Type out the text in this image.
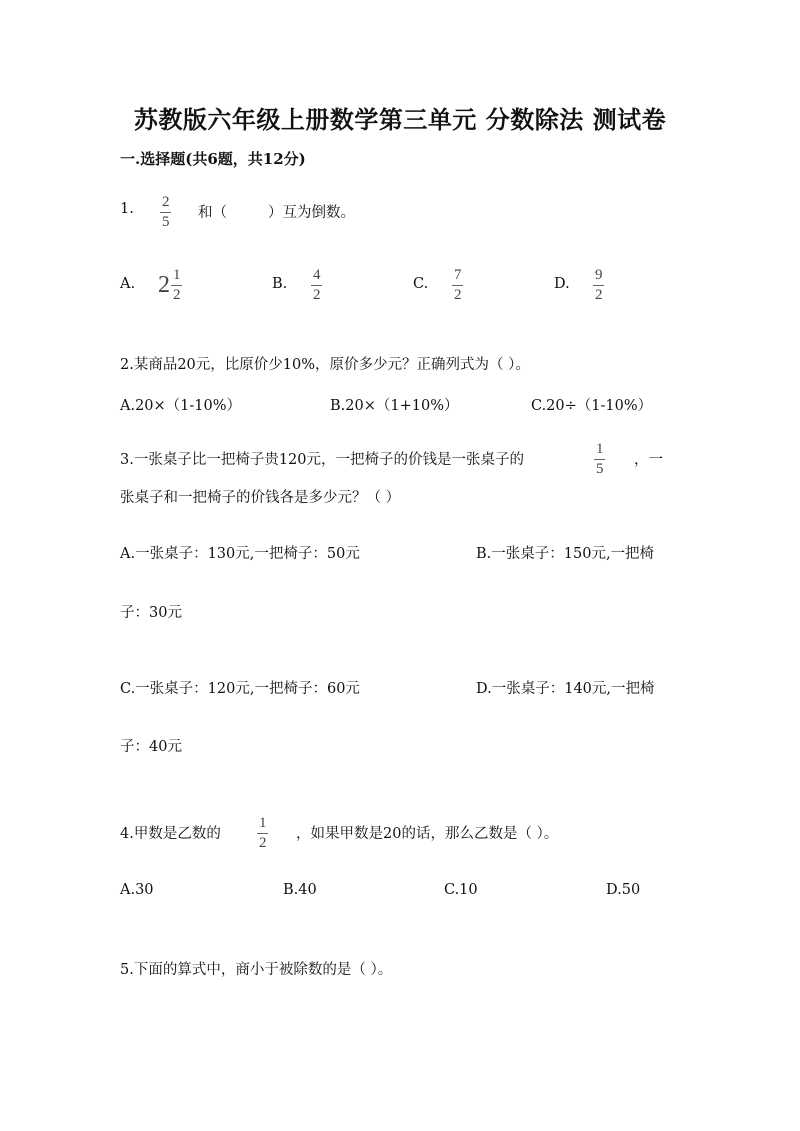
苏教版六年级上册数学第三单元 分数除法 测试卷
一.选择题(共6题，共12分)
1. 2
5
和（	）互为倒数。
A. $2 \frac{1}{2}$	B.
4
2
C.
7
2
D.
9
2
2.某商品20元，比原价少10%，原价多少元？正确列式为（ ）。
A.20×（1-10%）	B.20×（1+10%）	C.20÷（1-10%）
3.一张桌子比一把椅子贵120元，一把椅子的价钱是一张桌子的
1
5
，一
张桌子和一把椅子的价钱各是多少元？（ ）
A.一张桌子：130元,一把椅子：50元	B.一张桌子：150元,一把椅
子：30元
C.一张桌子：120元,一把椅子：60元	D.一张桌子：140元,一把椅
子：40元
4.甲数是乙数的
1
2
，如果甲数是20的话，那么乙数是（ ）。
A.30	B.40	C.10	D.50
5.下面的算式中，商小于被除数的是（ ）。
